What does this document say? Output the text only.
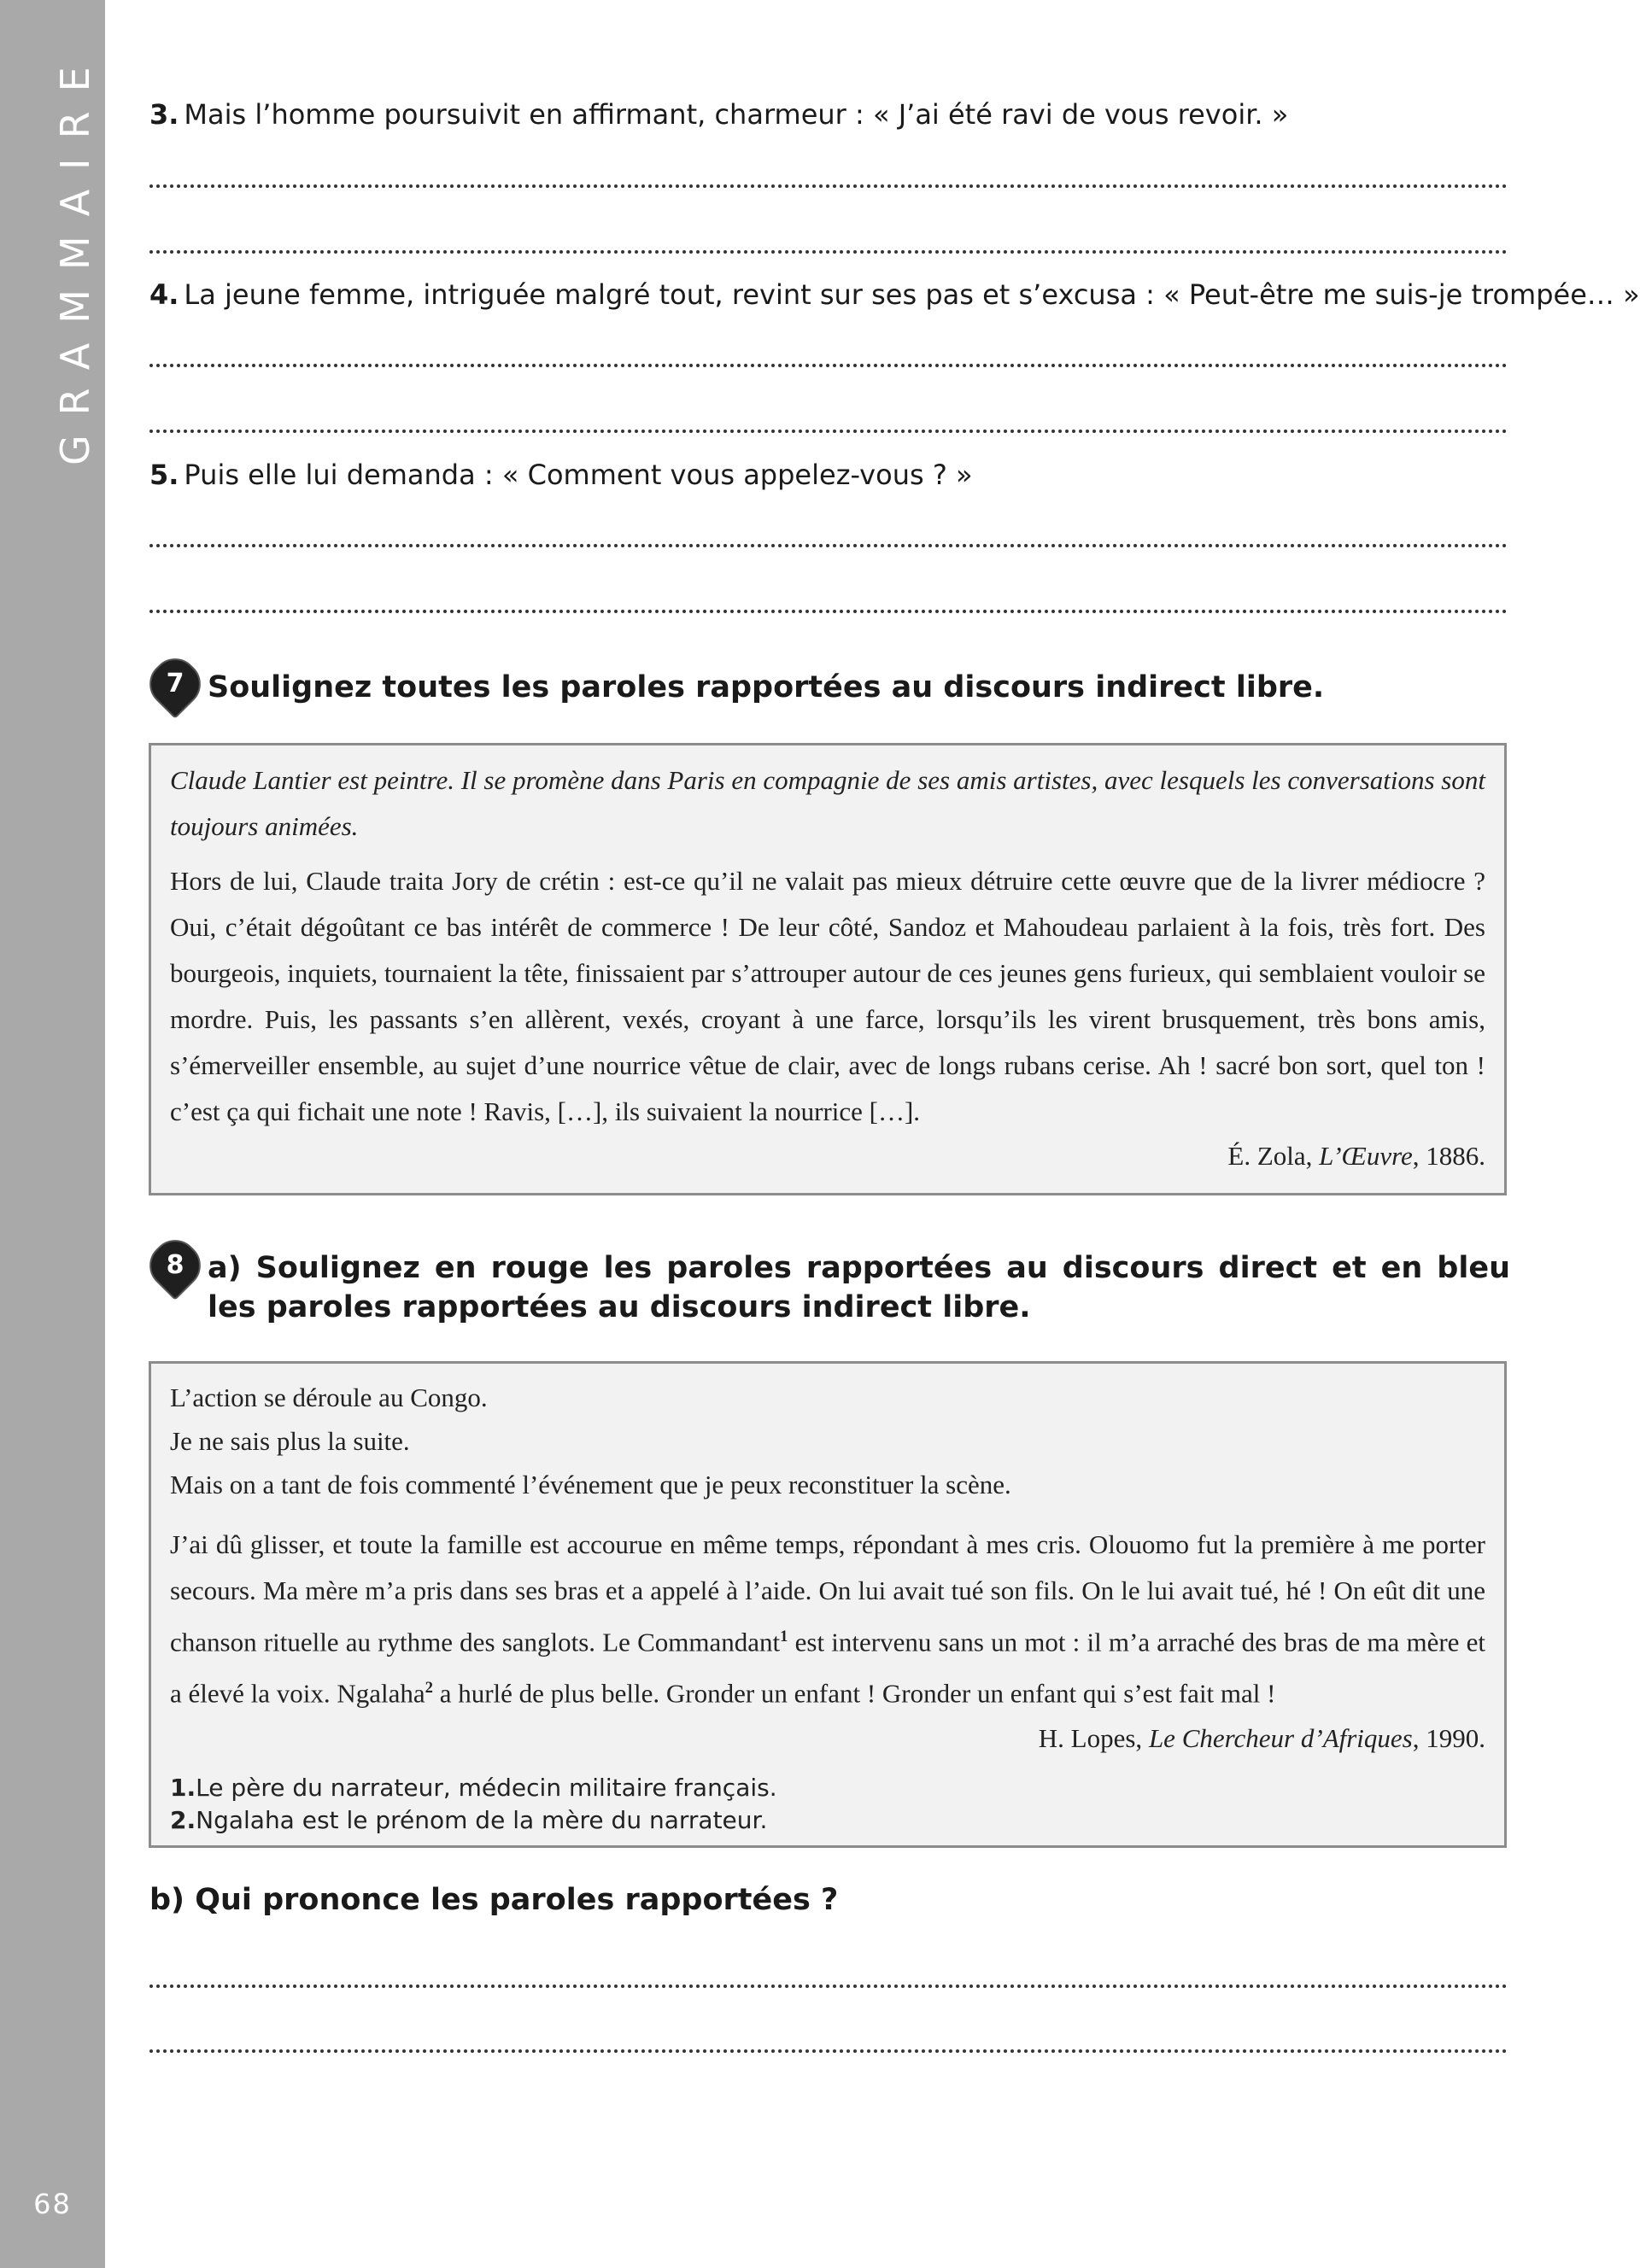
GRAMMAIRE
68
3. Mais l’homme poursuivit en affirmant, charmeur : « J’ai été ravi de vous revoir. »
4. La jeune femme, intriguée malgré tout, revint sur ses pas et s’excusa : « Peut-être me suis-je trompée… »
5. Puis elle lui demanda : « Comment vous appelez-vous ? »
7 Soulignez toutes les paroles rapportées au discours indirect libre.

Claude Lantier est peintre. Il se promène dans Paris en compagnie de ses amis artistes, avec lesquels les conversations sont toujours animées.

Hors de lui, Claude traita Jory de crétin : est-ce qu’il ne valait pas mieux détruire cette œuvre que de la livrer médiocre ? Oui, c’était dégoûtant ce bas intérêt de commerce ! De leur côté, Sandoz et Mahoudeau parlaient à la fois, très fort. Des bourgeois, inquiets, tournaient la tête, finissaient par s’attrouper autour de ces jeunes gens furieux, qui semblaient vouloir se mordre. Puis, les passants s’en allèrent, vexés, croyant à une farce, lorsqu’ils les virent brusquement, très bons amis, s’émerveiller ensemble, au sujet d’une nourrice vêtue de clair, avec de longs rubans cerise. Ah ! sacré bon sort, quel ton ! c’est ça qui fichait une note ! Ravis, […], ils suivaient la nourrice […].

É. Zola, L’Œuvre, 1886.

8 a) Soulignez en rouge les paroles rapportées au discours direct et en bleu les paroles rapportées au discours indirect libre.

L’action se déroule au Congo.

Je ne sais plus la suite.

Mais on a tant de fois commenté l’événement que je peux reconstituer la scène.

J’ai dû glisser, et toute la famille est accourue en même temps, répondant à mes cris. Olouomo fut la première à me porter secours. Ma mère m’a pris dans ses bras et a appelé à l’aide. On lui avait tué son fils. On le lui avait tué, hé ! On eût dit une chanson rituelle au rythme des sanglots. Le Commandant$^1$ est intervenu sans un mot : il m’a arraché des bras de ma mère et a élevé la voix. Ngalaha$^2$ a hurlé de plus belle. Gronder un enfant ! Gronder un enfant qui s’est fait mal !

H. Lopes, Le Chercheur d’Afriques, 1990.

1.Le père du narrateur, médecin militaire français.
2.Ngalaha est le prénom de la mère du narrateur.
b) Qui prononce les paroles rapportées ?
